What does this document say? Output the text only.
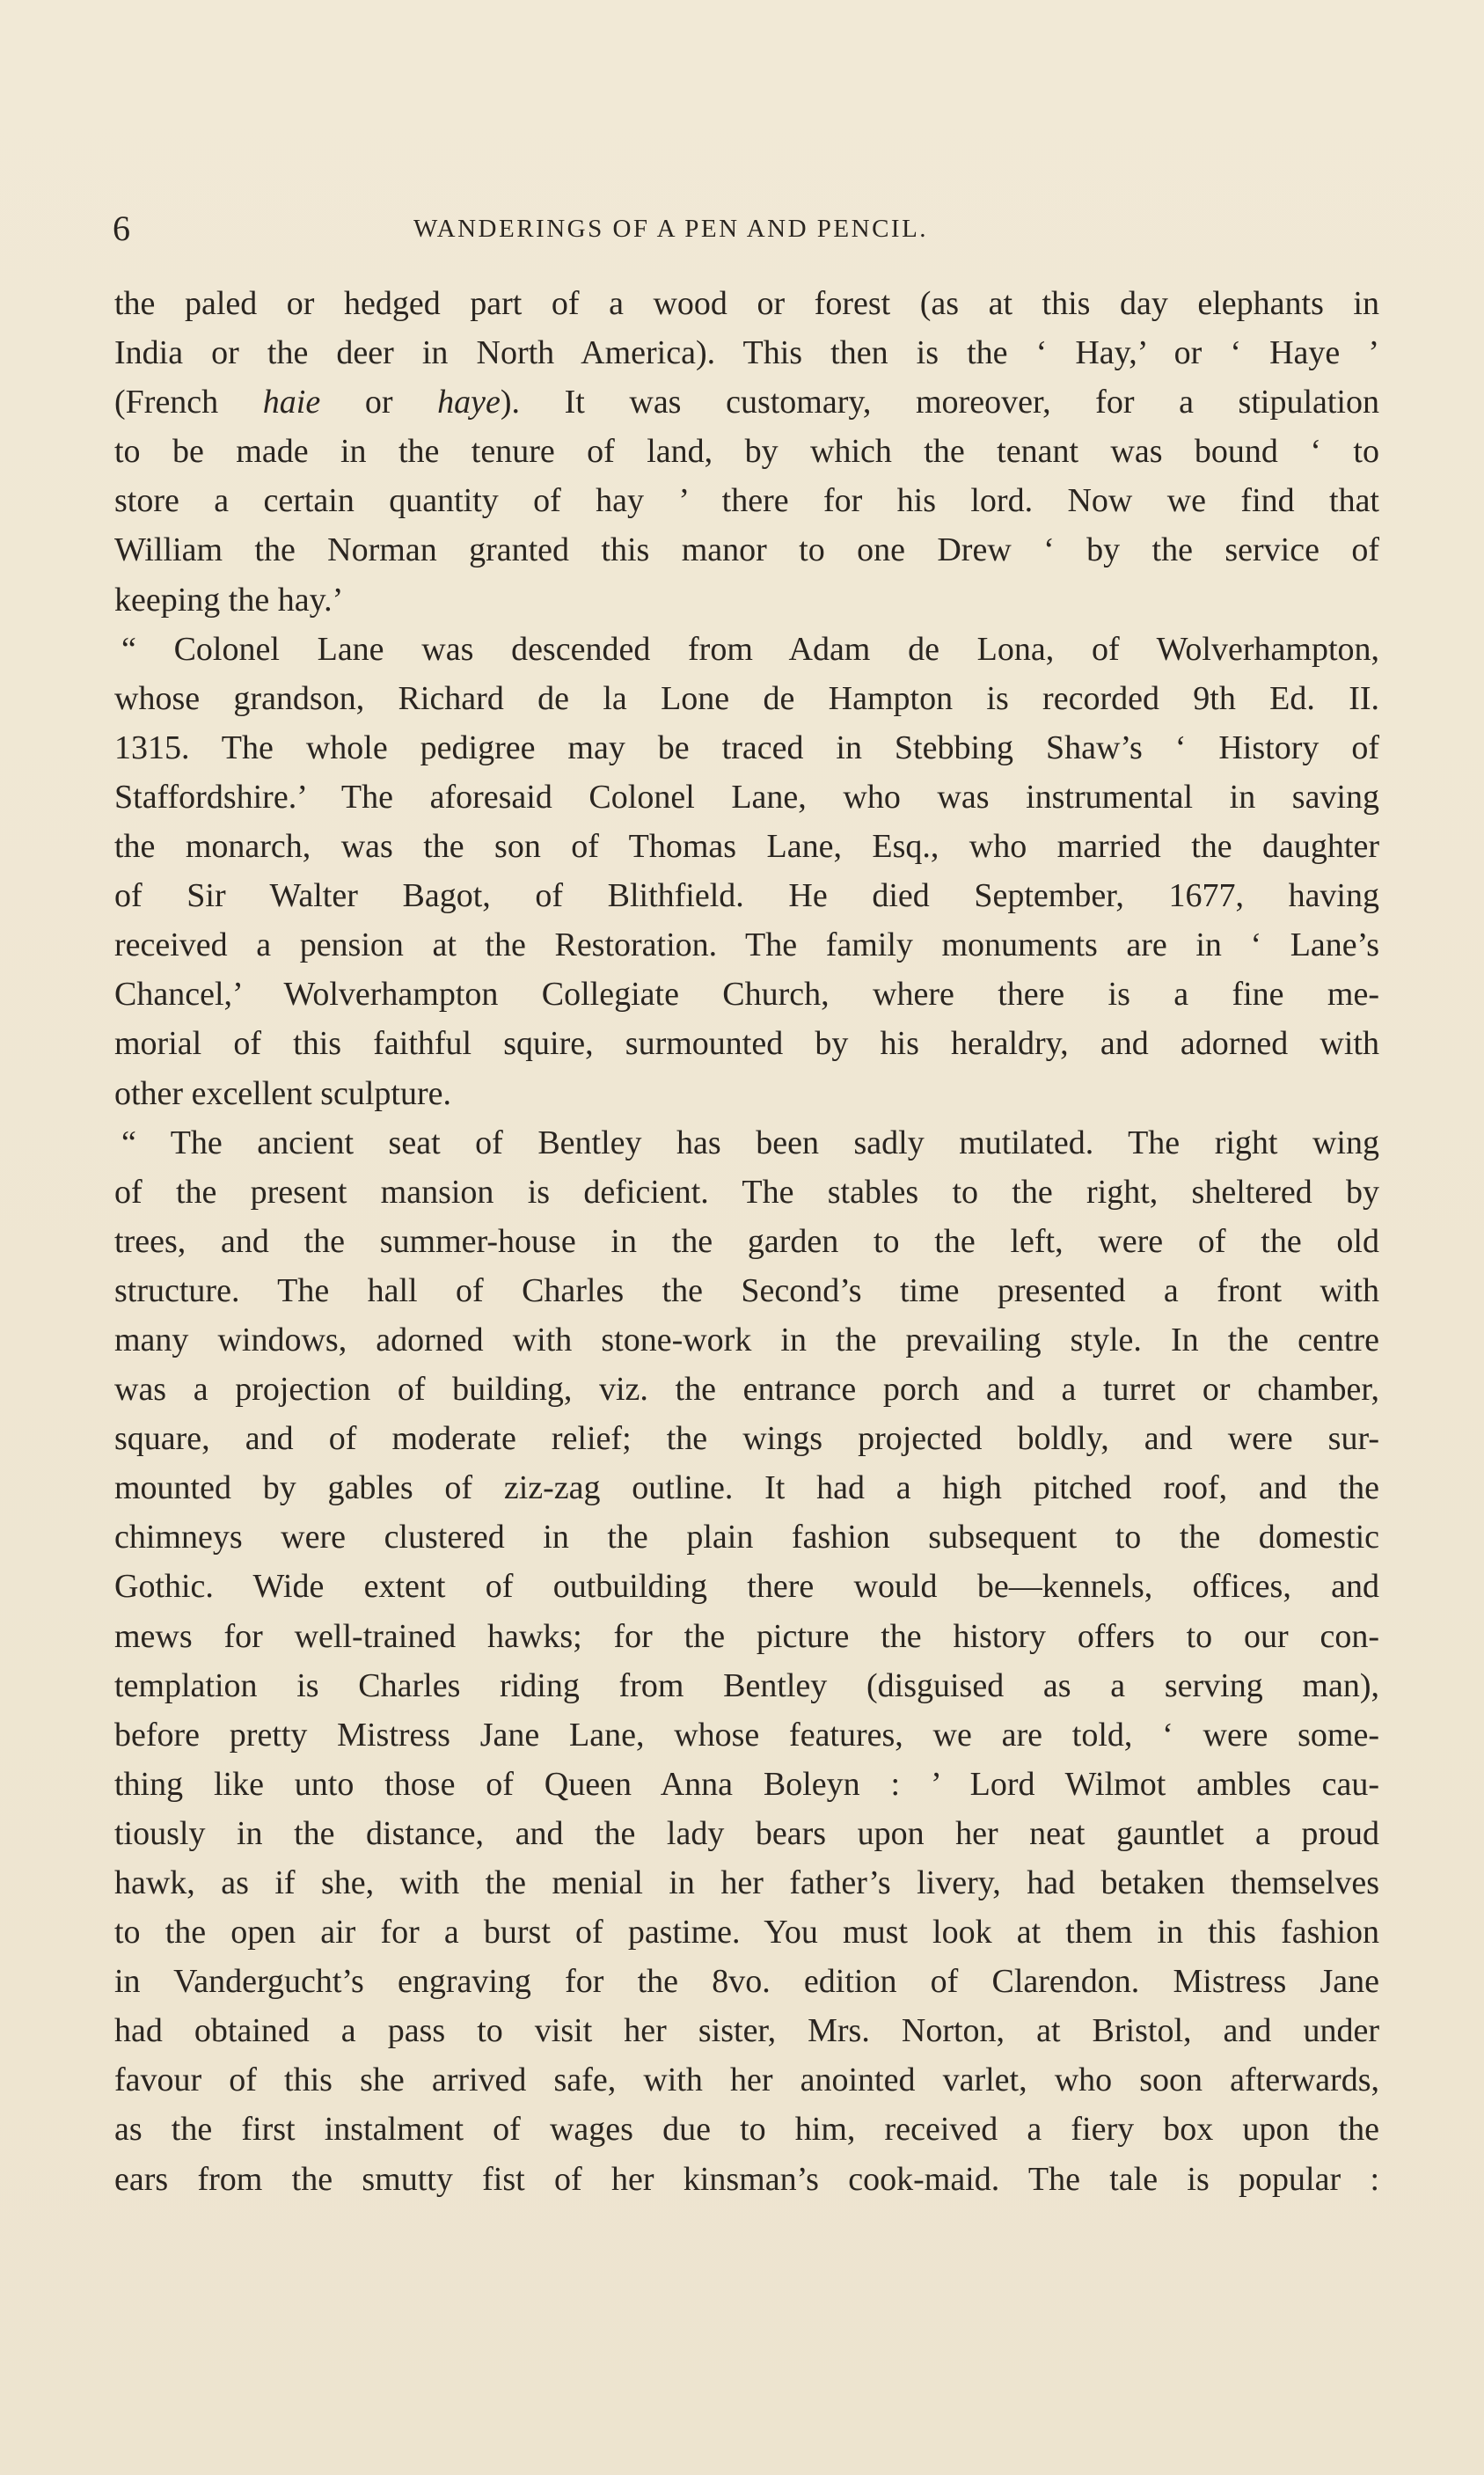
6	WANDERINGS OF A PEN AND PENCIL.
the paled or hedged part of a wood or forest (as at this day elephants in
India or the deer in North America). This then is the ‘ Hay,’ or ‘ Haye ’
(French haie or haye). It was customary, moreover, for a stipulation
to be made in the tenure of land, by which the tenant was bound ‘ to
store a certain quantity of hay ’ there for his lord. Now we find that
William the Norman granted this manor to one Drew ‘ by the service of
keeping the hay.’
“ Colonel Lane was descended from Adam de Lona, of Wolverhampton,
whose grandson, Richard de la Lone de Hampton is recorded 9th Ed. II.
1315. The whole pedigree may be traced in Stebbing Shaw’s ‘ History of
Staffordshire.’ The aforesaid Colonel Lane, who was instrumental in saving
the monarch, was the son of Thomas Lane, Esq., who married the daughter
of Sir Walter Bagot, of Blithfield. He died September, 1677, having
received a pension at the Restoration. The family monuments are in ‘ Lane’s
Chancel,’ Wolverhampton Collegiate Church, where there is a fine me-
morial of this faithful squire, surmounted by his heraldry, and adorned with
other excellent sculpture.
“ The ancient seat of Bentley has been sadly mutilated. The right wing
of the present mansion is deficient. The stables to the right, sheltered by
trees, and the summer-house in the garden to the left, were of the old
structure. The hall of Charles the Second’s time presented a front with
many windows, adorned with stone-work in the prevailing style. In the centre
was a projection of building, viz. the entrance porch and a turret or chamber,
square, and of moderate relief; the wings projected boldly, and were sur-
mounted by gables of ziz-zag outline. It had a high pitched roof, and the
chimneys were clustered in the plain fashion subsequent to the domestic
Gothic. Wide extent of outbuilding there would be—kennels, offices, and
mews for well-trained hawks; for the picture the history offers to our con-
templation is Charles riding from Bentley (disguised as a serving man),
before pretty Mistress Jane Lane, whose features, we are told, ‘ were some-
thing like unto those of Queen Anna Boleyn : ’ Lord Wilmot ambles cau-
tiously in the distance, and the lady bears upon her neat gauntlet a proud
hawk, as if she, with the menial in her father’s livery, had betaken themselves
to the open air for a burst of pastime. You must look at them in this fashion
in Vandergucht’s engraving for the 8vo. edition of Clarendon. Mistress Jane
had obtained a pass to visit her sister, Mrs. Norton, at Bristol, and under
favour of this she arrived safe, with her anointed varlet, who soon afterwards,
as the first instalment of wages due to him, received a fiery box upon the
ears from the smutty fist of her kinsman’s cook-maid. The tale is popular :
